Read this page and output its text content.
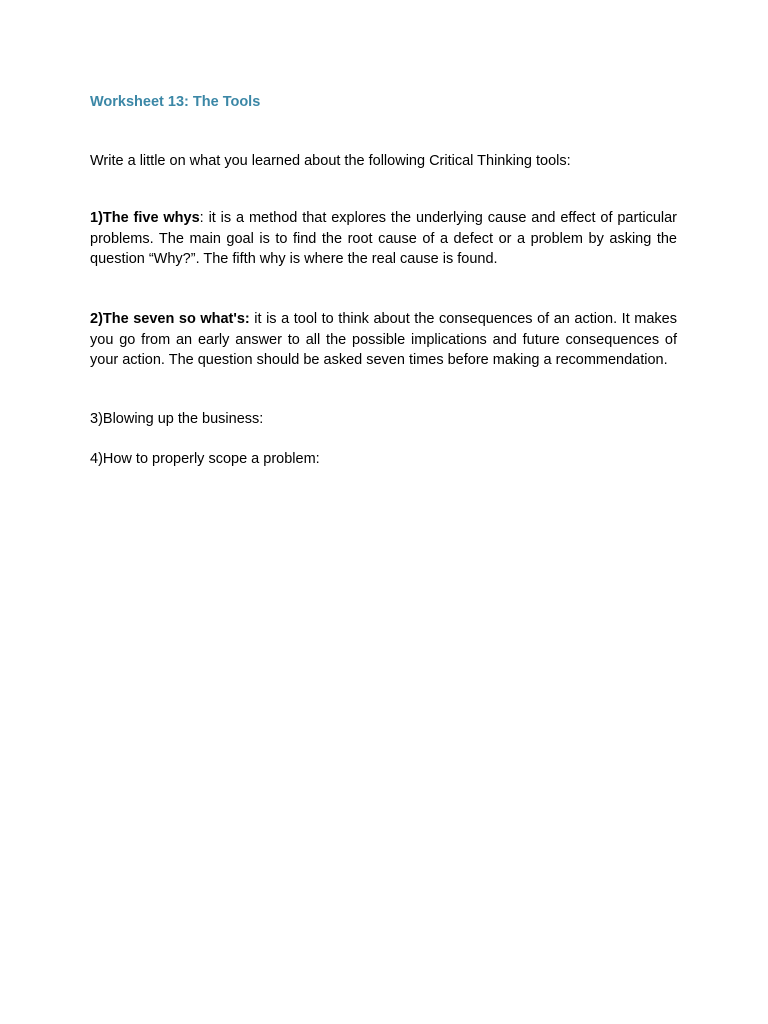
Worksheet 13: The Tools

Write a little on what you learned about the following Critical Thinking tools:

1)The five whys: it is a method that explores the underlying cause and effect of particular problems. The main goal is to find the root cause of a defect or a problem by asking the question “Why?”. The fifth why is where the real cause is found.

2)The seven so what's: it is a tool to think about the consequences of an action. It makes you go from an early answer to all the possible implications and future consequences of your action. The question should be asked seven times before making a recommendation.

3)Blowing up the business:

4)How to properly scope a problem:
